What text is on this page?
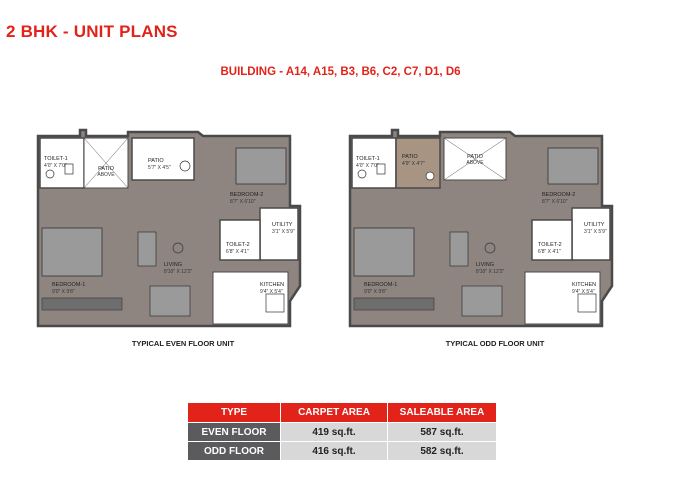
2 BHK - UNIT PLANS
BUILDING - A14, A15, B3, B6, C2, C7, D1, D6
TOILET-1
4'0" X 7'0"	PATIO
ABOVE
PATIO
5'7" X 4'5"
BEDROOM-2
8'7" X 6'10"
UTILITY
3'1" X 5'9"
TOILET-2
6'8" X 4'1"
BEDROOM-1
9'0" X 9'8"
LIVING
8'10" X 12'2"
KITCHEN
9'4" X 5'4"
TYPICAL EVEN FLOOR UNIT
TOILET-1
4'0" X 7'0"
PATIO
4'9" X 4'7"
PATIO
ABOVE
BEDROOM-2
8'7" X 6'10"
UTILITY
3'1" X 5'9"
TOILET-2
6'8" X 4'1"
BEDROOM-1
9'0" X 9'8"
LIVING
8'10" X 12'2"
KITCHEN
9'4" X 5'4"
TYPICAL ODD FLOOR UNIT
TYPE	CARPET AREA	SALEABLE AREA
EVEN FLOOR	419 sq.ft.	587 sq.ft.
ODD FLOOR	416 sq.ft.	582 sq.ft.
